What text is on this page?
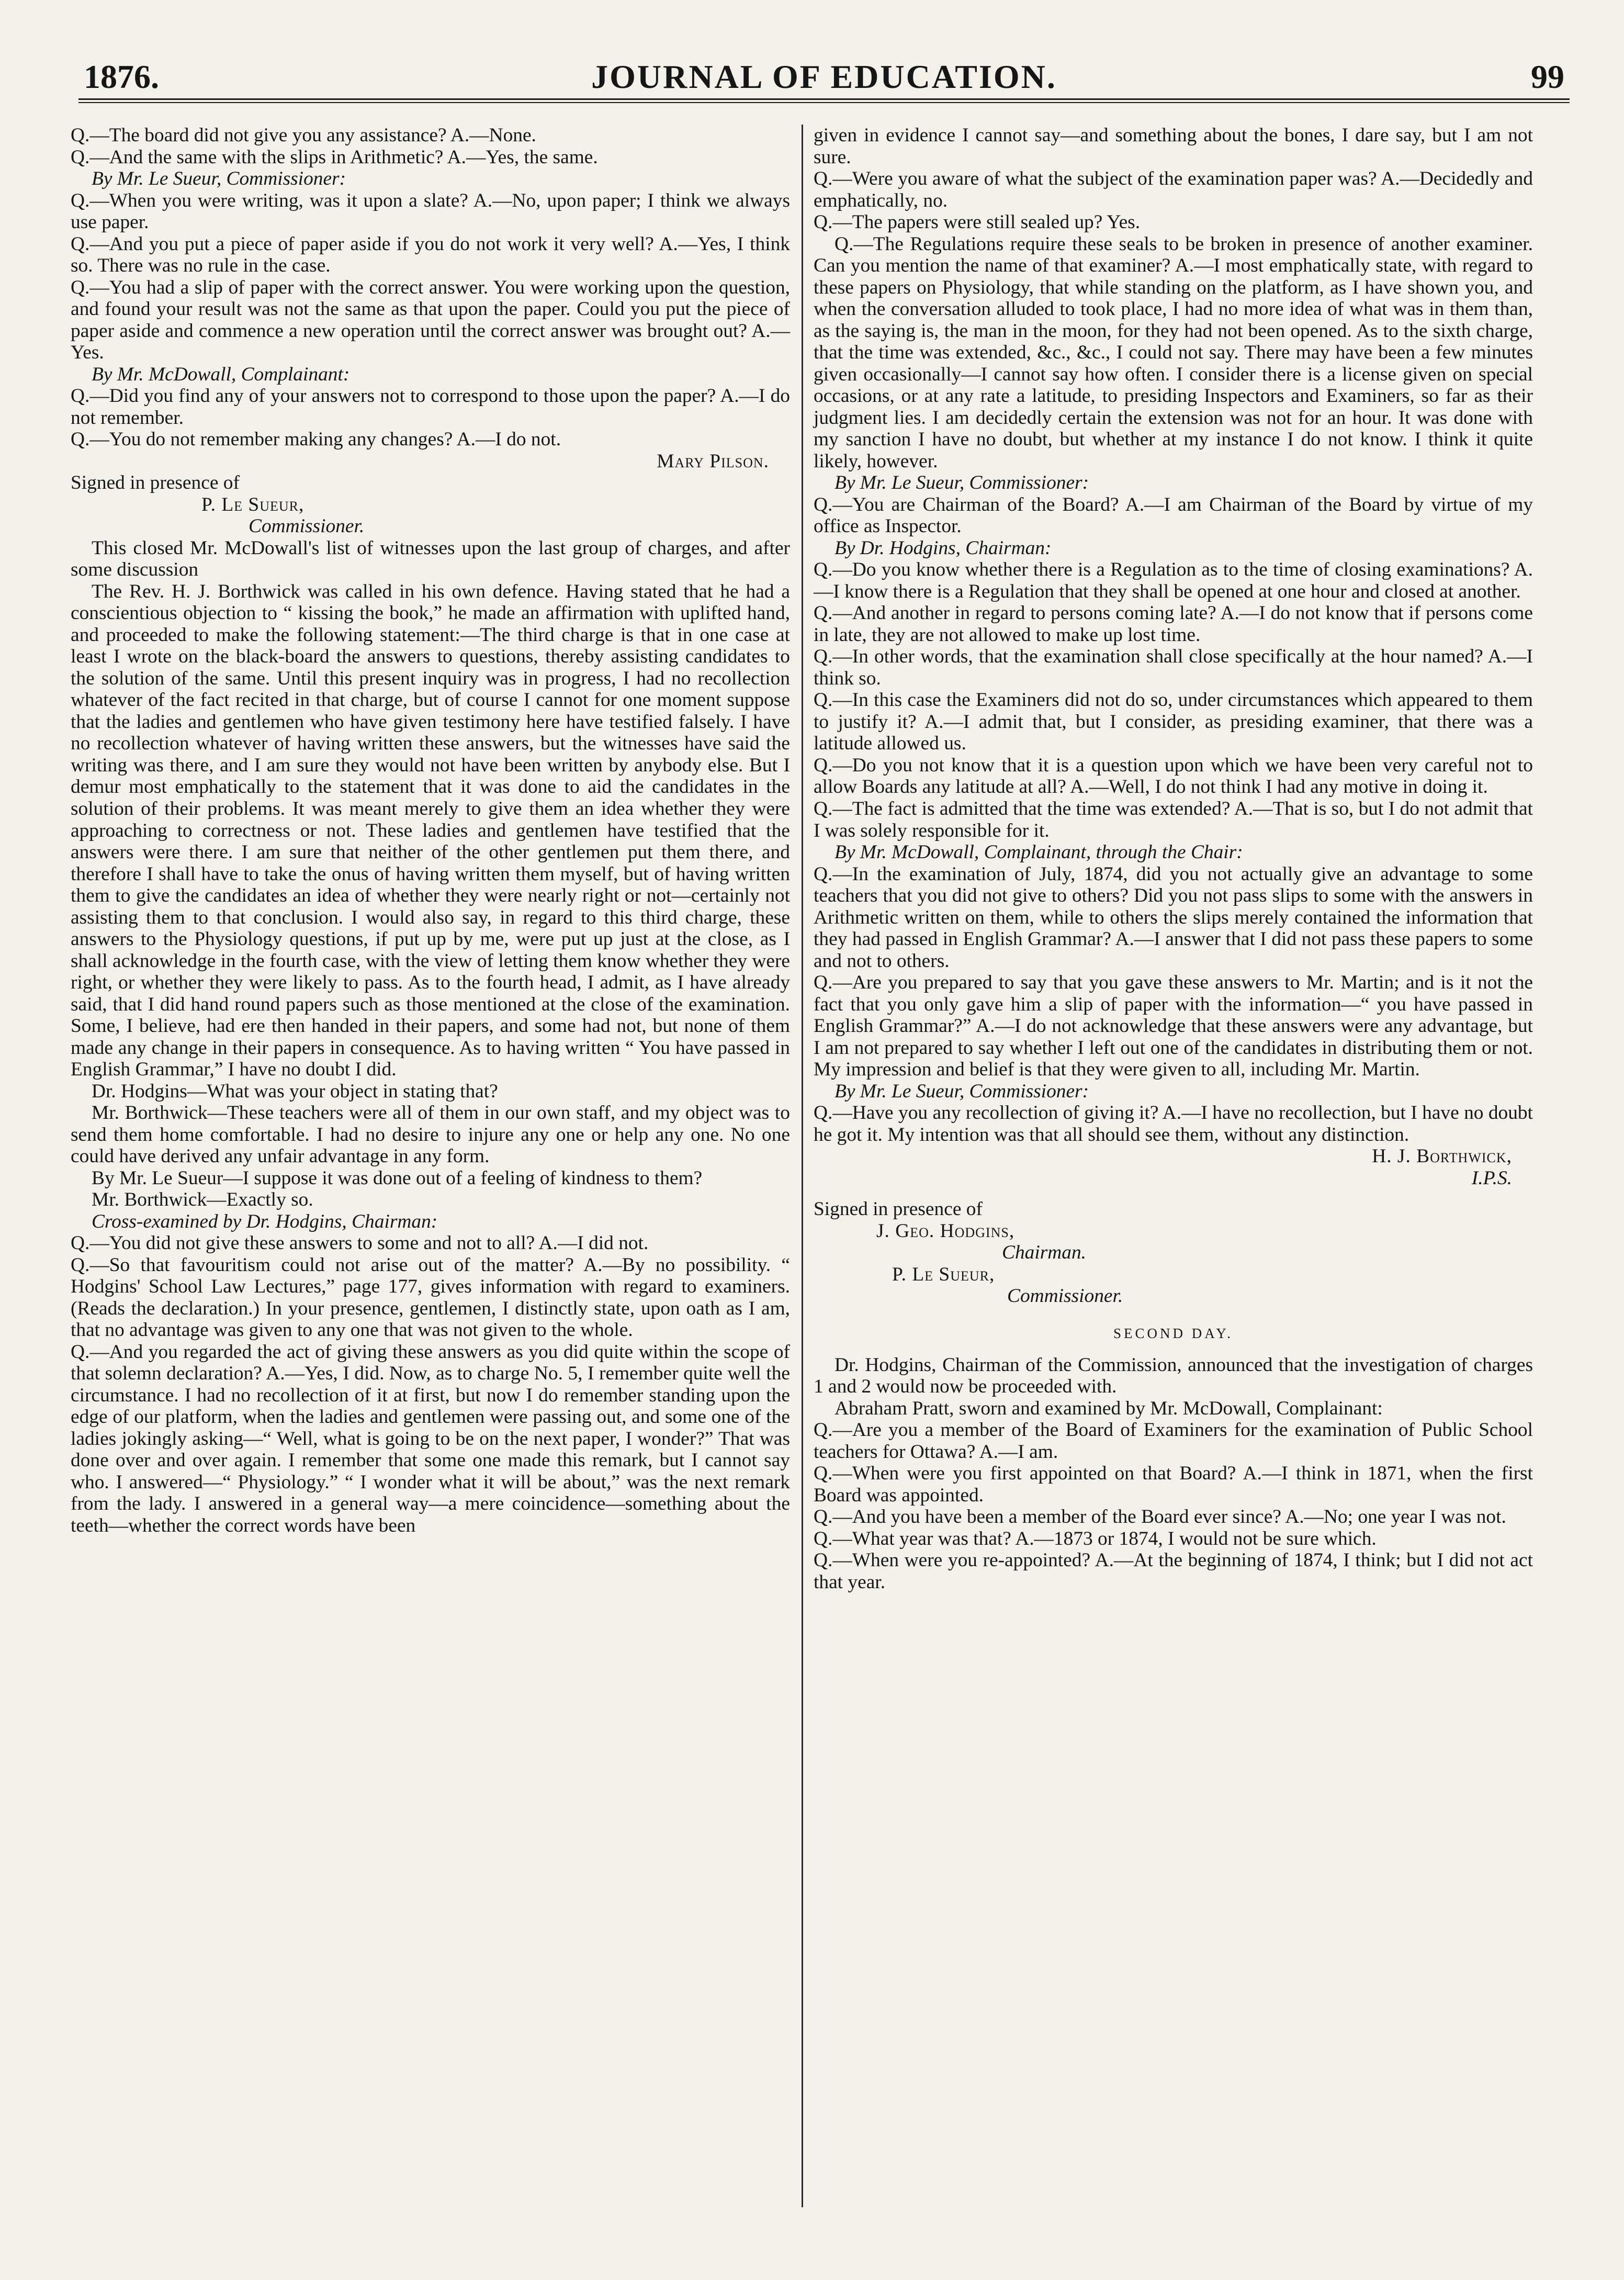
1876.	JOURNAL OF EDUCATION.	99

Q.—The board did not give you any assistance? A.—None.

Q.—And the same with the slips in Arithmetic? A.—Yes, the same.

By Mr. Le Sueur, Commissioner:

Q.—When you were writing, was it upon a slate? A.—No, upon paper; I think we always use paper.

Q.—And you put a piece of paper aside if you do not work it very well? A.—Yes, I think so. There was no rule in the case.

Q.—You had a slip of paper with the correct answer. You were working upon the question, and found your result was not the same as that upon the paper. Could you put the piece of paper aside and commence a new operation until the correct answer was brought out? A.—Yes.

By Mr. McDowall, Complainant:

Q.—Did you find any of your answers not to correspond to those upon the paper? A.—I do not remember.

Q.—You do not remember making any changes? A.—I do not.

Mary Pilson.

Signed in presence of

P. Le Sueur,

Commissioner.

This closed Mr. McDowall's list of witnesses upon the last group of charges, and after some discussion

The Rev. H. J. Borthwick was called in his own defence. Having stated that he had a conscientious objection to “ kissing the book,” he made an affirmation with uplifted hand, and proceeded to make the following statement:—The third charge is that in one case at least I wrote on the black-board the answers to questions, thereby assisting candidates to the solution of the same. Until this present inquiry was in progress, I had no recollection whatever of the fact recited in that charge, but of course I cannot for one moment suppose that the ladies and gentlemen who have given testimony here have testified falsely. I have no recollection whatever of having written these answers, but the witnesses have said the writing was there, and I am sure they would not have been written by anybody else. But I demur most emphatically to the statement that it was done to aid the candidates in the solution of their problems. It was meant merely to give them an idea whether they were approaching to correctness or not. These ladies and gentlemen have testified that the answers were there. I am sure that neither of the other gentlemen put them there, and therefore I shall have to take the onus of having written them myself, but of having written them to give the candidates an idea of whether they were nearly right or not—certainly not assisting them to that conclusion. I would also say, in regard to this third charge, these answers to the Physiology questions, if put up by me, were put up just at the close, as I shall acknowledge in the fourth case, with the view of letting them know whether they were right, or whether they were likely to pass. As to the fourth head, I admit, as I have already said, that I did hand round papers such as those mentioned at the close of the examination. Some, I believe, had ere then handed in their papers, and some had not, but none of them made any change in their papers in consequence. As to having written “ You have passed in English Grammar,” I have no doubt I did.

Dr. Hodgins—What was your object in stating that?

Mr. Borthwick—These teachers were all of them in our own staff, and my object was to send them home comfortable. I had no desire to injure any one or help any one. No one could have derived any unfair advantage in any form.

By Mr. Le Sueur—I suppose it was done out of a feeling of kindness to them?

Mr. Borthwick—Exactly so.

Cross-examined by Dr. Hodgins, Chairman:

Q.—You did not give these answers to some and not to all? A.—I did not.

Q.—So that favouritism could not arise out of the matter? A.—By no possibility. “ Hodgins' School Law Lectures,” page 177, gives information with regard to examiners. (Reads the declaration.) In your presence, gentlemen, I distinctly state, upon oath as I am, that no advantage was given to any one that was not given to the whole.

Q.—And you regarded the act of giving these answers as you did quite within the scope of that solemn declaration? A.—Yes, I did. Now, as to charge No. 5, I remember quite well the circumstance. I had no recollection of it at first, but now I do remember standing upon the edge of our platform, when the ladies and gentlemen were passing out, and some one of the ladies jokingly asking—“ Well, what is going to be on the next paper, I wonder?” That was done over and over again. I remember that some one made this remark, but I cannot say who. I answered—“ Physiology.” “ I wonder what it will be about,” was the next remark from the lady. I answered in a general way—a mere coincidence—something about the teeth—whether the correct words have been

given in evidence I cannot say—and something about the bones, I dare say, but I am not sure.

Q.—Were you aware of what the subject of the examination paper was? A.—Decidedly and emphatically, no.

Q.—The papers were still sealed up? Yes.

Q.—The Regulations require these seals to be broken in presence of another examiner. Can you mention the name of that examiner? A.—I most emphatically state, with regard to these papers on Physiology, that while standing on the platform, as I have shown you, and when the conversation alluded to took place, I had no more idea of what was in them than, as the saying is, the man in the moon, for they had not been opened. As to the sixth charge, that the time was extended, &c., &c., I could not say. There may have been a few minutes given occasionally—I cannot say how often. I consider there is a license given on special occasions, or at any rate a latitude, to presiding Inspectors and Examiners, so far as their judgment lies. I am decidedly certain the extension was not for an hour. It was done with my sanction I have no doubt, but whether at my instance I do not know. I think it quite likely, however.

By Mr. Le Sueur, Commissioner:

Q.—You are Chairman of the Board? A.—I am Chairman of the Board by virtue of my office as Inspector.

By Dr. Hodgins, Chairman:

Q.—Do you know whether there is a Regulation as to the time of closing examinations? A.—I know there is a Regulation that they shall be opened at one hour and closed at another.

Q.—And another in regard to persons coming late? A.—I do not know that if persons come in late, they are not allowed to make up lost time.

Q.—In other words, that the examination shall close specifically at the hour named? A.—I think so.

Q.—In this case the Examiners did not do so, under circumstances which appeared to them to justify it? A.—I admit that, but I consider, as presiding examiner, that there was a latitude allowed us.

Q.—Do you not know that it is a question upon which we have been very careful not to allow Boards any latitude at all? A.—Well, I do not think I had any motive in doing it.

Q.—The fact is admitted that the time was extended? A.—That is so, but I do not admit that I was solely responsible for it.

By Mr. McDowall, Complainant, through the Chair:

Q.—In the examination of July, 1874, did you not actually give an advantage to some teachers that you did not give to others? Did you not pass slips to some with the answers in Arithmetic written on them, while to others the slips merely contained the information that they had passed in English Grammar? A.—I answer that I did not pass these papers to some and not to others.

Q.—Are you prepared to say that you gave these answers to Mr. Martin; and is it not the fact that you only gave him a slip of paper with the information—“ you have passed in English Grammar?” A.—I do not acknowledge that these answers were any advantage, but I am not prepared to say whether I left out one of the candidates in distributing them or not. My impression and belief is that they were given to all, including Mr. Martin.

By Mr. Le Sueur, Commissioner:

Q.—Have you any recollection of giving it? A.—I have no recollection, but I have no doubt he got it. My intention was that all should see them, without any distinction.

H. J. Borthwick,

I.P.S.

Signed in presence of

J. Geo. Hodgins,

Chairman.

P. Le Sueur,

Commissioner.

SECOND DAY.

Dr. Hodgins, Chairman of the Commission, announced that the investigation of charges 1 and 2 would now be proceeded with.

Abraham Pratt, sworn and examined by Mr. McDowall, Complainant:

Q.—Are you a member of the Board of Examiners for the examination of Public School teachers for Ottawa? A.—I am.

Q.—When were you first appointed on that Board? A.—I think in 1871, when the first Board was appointed.

Q.—And you have been a member of the Board ever since? A.—No; one year I was not.

Q.—What year was that? A.—1873 or 1874, I would not be sure which.

Q.—When were you re-appointed? A.—At the beginning of 1874, I think; but I did not act that year.
